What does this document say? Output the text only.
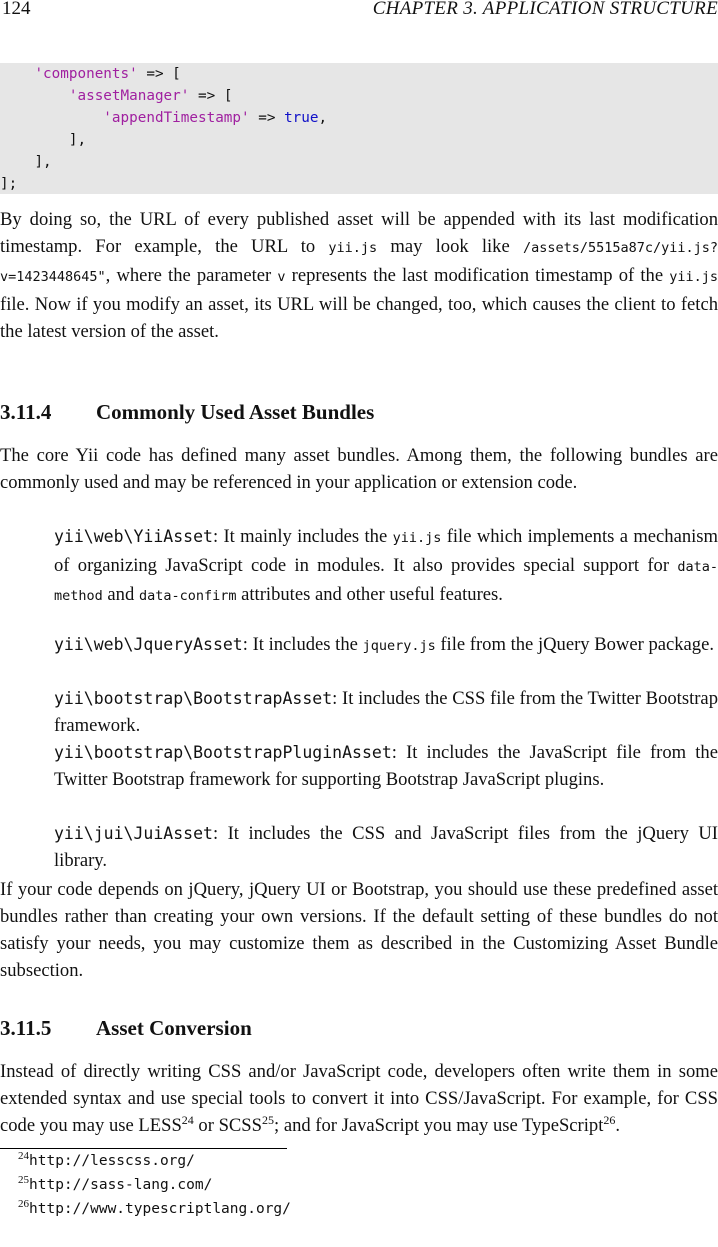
124	CHAPTER 3. APPLICATION STRUCTURE
'components' => [
'assetManager' => [
'appendTimestamp' => true,
],
],
];
By doing so, the URL of every published asset will be appended with its last modification timestamp. For example, the URL to yii.js may look like /assets/5515a87c/yii.js?v=1423448645", where the parameter v represents the last modification timestamp of the yii.js file. Now if you modify an asset, its URL will be changed, too, which causes the client to fetch the latest version of the asset.
3.11.4 Commonly Used Asset Bundles
The core Yii code has defined many asset bundles. Among them, the following bundles are commonly used and may be referenced in your application or extension code.
yii\web\YiiAsset: It mainly includes the yii.js file which implements a mechanism of organizing JavaScript code in modules. It also provides special support for data-method and data-confirm attributes and other useful features.
yii\web\JqueryAsset: It includes the jquery.js file from the jQuery Bower package.
yii\bootstrap\BootstrapAsset: It includes the CSS file from the Twitter Bootstrap framework.
yii\bootstrap\BootstrapPluginAsset: It includes the JavaScript file from the Twitter Bootstrap framework for supporting Bootstrap JavaScript plugins.
yii\jui\JuiAsset: It includes the CSS and JavaScript files from the jQuery UI library.
If your code depends on jQuery, jQuery UI or Bootstrap, you should use these predefined asset bundles rather than creating your own versions. If the default setting of these bundles do not satisfy your needs, you may customize them as described in the Customizing Asset Bundle subsection.
3.11.5 Asset Conversion
Instead of directly writing CSS and/or JavaScript code, developers often write them in some extended syntax and use special tools to convert it into CSS/JavaScript. For example, for CSS code you may use LESS$^{24}$ or SCSS$^{25}$; and for JavaScript you may use TypeScript$^{26}$.
$^{24}$http://lesscss.org/
$^{25}$http://sass-lang.com/
$^{26}$http://www.typescriptlang.org/
